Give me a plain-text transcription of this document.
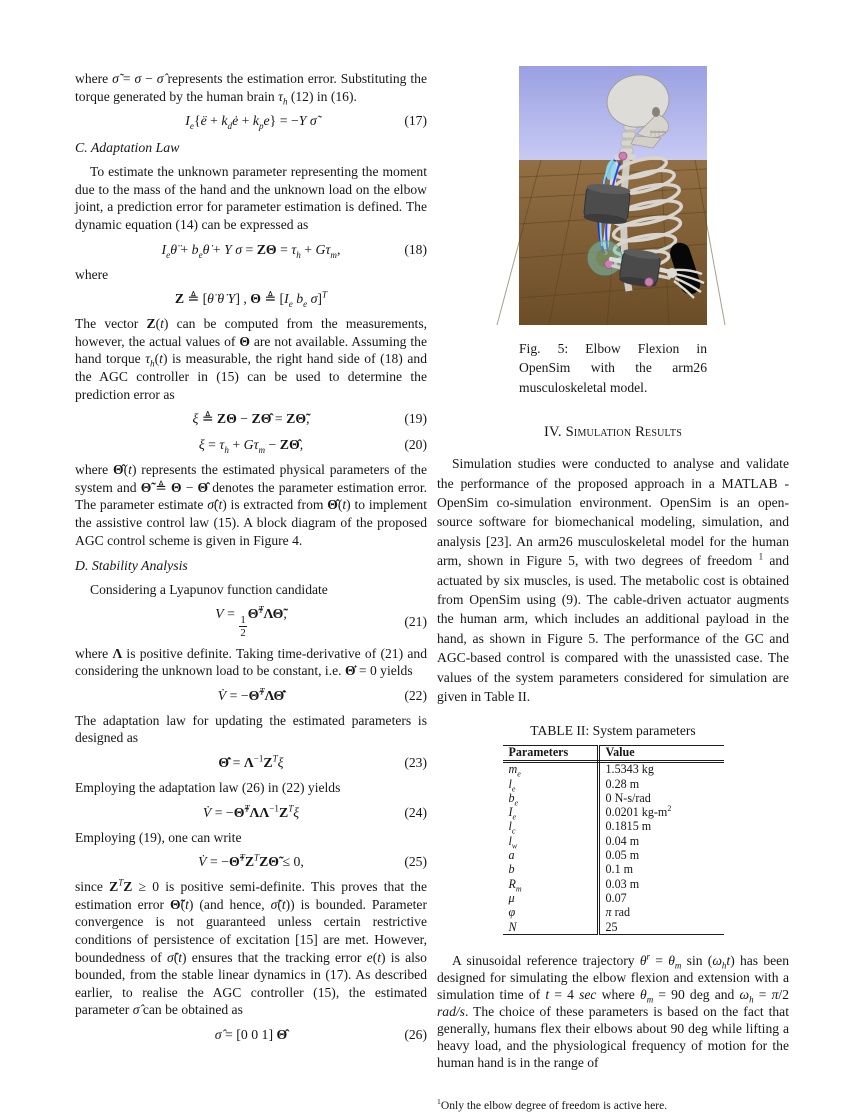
where σ̃ = σ − σ̂ represents the estimation error. Substituting the torque generated by the human brain $\tau_h$ (12) in (16).

$I_e\{ë$ + $k_dė + k_pe\} = -Y$ σ̃	(17)
C. Adaptation Law

To estimate the unknown parameter representing the moment due to the mass of the hand and the unknown load on the elbow joint, a prediction error for parameter estimation is defined. The dynamic equation (14) can be expressed as

$I_e\thetä$ + $b_e\thetȧ + Y$ $\sigma = Z\Theta = \tau_h + G\tau_m$,	(18)

where

Z ≜ [θ̈ θ̇ Y] , Θ ≜ [$I_e$ $b_e$ σ]$^T$

The vector Z(t) can be computed from the measurements, however, the actual values of Θ are not available. Assuming the hand torque $\tau_h(t)$ is measurable, the right hand side of (18) and the AGC controller in (15) can be used to determine the prediction error as

ξ ≜ ZΘ − ZΘ̂ = ZΘ̃,	(19)
$\xi = \tau_h + G\tau_m$ − ZΘ̂,	(20)

where Θ̂(t) represents the estimated physical parameters of the system and Θ̃ ≜ Θ − Θ̂ denotes the parameter estimation error. The parameter estimate σ̂(t) is extracted from Θ̂(t) to implement the assistive control law (15). A block diagram of the proposed AGC control scheme is given in Figure 4.

D. Stability Analysis

Considering a Lyapunov function candidate

V =
$\frac{1}{2}$
Θ̃$^T$ΛΘ̃,
(21)

where Λ is positive definite. Taking time-derivative of (21) and considering the unknown load to be constant, i.e. Θ̇ = 0 yields

V̇ = −Θ̃$^T$ΛΘ̂̇	(22)

The adaptation law for updating the estimated parameters is designed as

Θ̂̇ = $\Lambda^{-1}Z^T\xi$	(23)

Employing the adaptation law (26) in (22) yields

V̇ = $-\Thetã^T\Lambda\Lambda^{-1}Z^T\xi$	(24)

Employing (19), one can write

V̇ = $-\Thetã^TZ^TZ\Thetã \le 0$,	(25)

since $Z^TZ \ge 0$ is positive semi-definite. This proves that the estimation error Θ̃(t) (and hence, σ̃(t)) is bounded. Parameter convergence is not guaranteed unless certain restrictive conditions of persistence of excitation [15] are met. However, boundedness of σ̃(t) ensures that the tracking error e(t) is also bounded, from the stable linear dynamics in (17). As described earlier, to realise the AGC controller (15), the estimated parameter σ̂ can be obtained as

σ̂ = [0 0 1] Θ̂	(26)

Fig. 5: Elbow Flexion in OpenSim with the arm26 musculoskeletal model.

IV. Simulation Results

Simulation studies were conducted to analyse and validate the performance of the proposed approach in a MATLAB - OpenSim co-simulation environment. OpenSim is an open-source software for biomechanical modeling, simulation, and analysis [23]. An arm26 musculoskeletal model for the human arm, shown in Figure 5, with two degrees of freedom $^1$ and actuated by six muscles, is used. The metabolic cost is obtained from OpenSim using (9). The cable-driven actuator augments the human arm, which includes an additional payload in the hand, as shown in Figure 5. The performance of the GC and AGC-based control is compared with the unassisted case. The values of the system parameters considered for simulation are given in Table II.

TABLE II: System parameters
Parameters	Value
$m_e$	1.5343 kg
$l_e$	0.28 m
$b_e$	0 N-s/rad
$I_e$	0.0201 $kg-m^2$
$l_c$	0.1815 m
$l_w$	0.04 m
a	0.05 m
b	0.1 m
$R_m$	0.03 m
μ	0.07
φ	π rad
N	25

A sinusoidal reference trajectory $\theta^r = \theta_m$ $\sin (\omega_ht)$ has been designed for simulating the elbow flexion and extension with a simulation time of t = 4 sec where $\theta_m = 90$ deg and $\omega_h = \pi/2$ rad/s. The choice of these parameters is based on the fact that generally, humans flex their elbows about 90 deg while lifting a heavy load, and the physiological frequency of motion for the human hand is in the range of

$^1$Only the elbow degree of freedom is active here.
